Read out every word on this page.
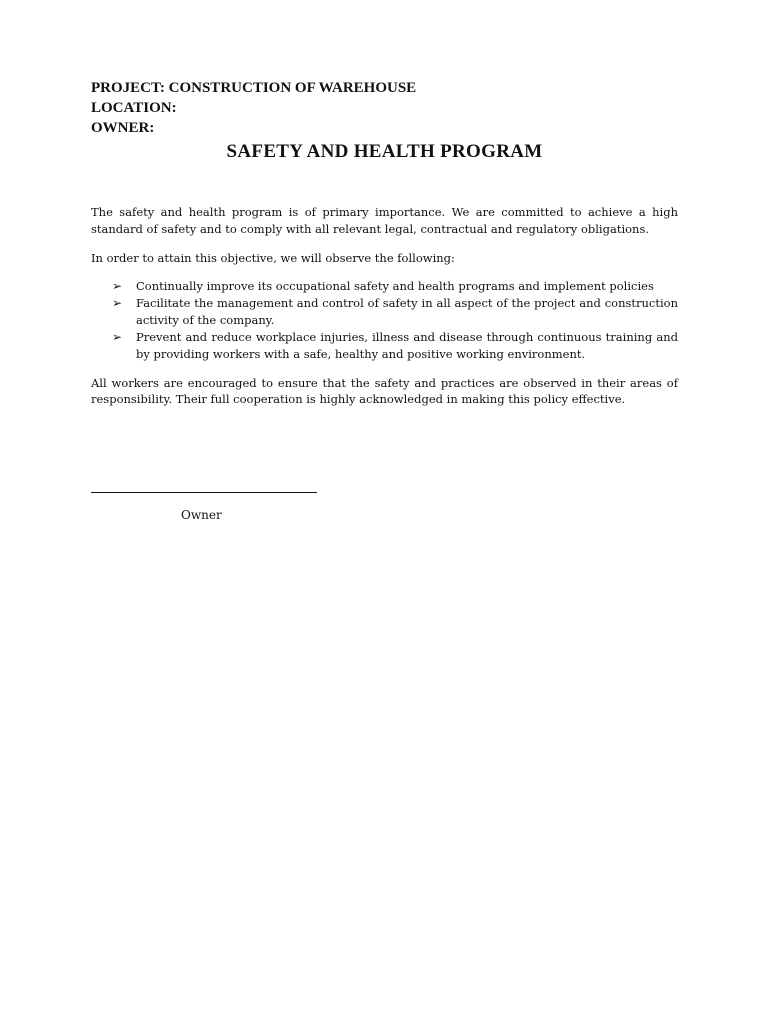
PROJECT: CONSTRUCTION OF WAREHOUSE

LOCATION:

OWNER:

SAFETY AND HEALTH PROGRAM

The safety and health program is of primary importance. We are committed to achieve a high standard of safety and to comply with all relevant legal, contractual and regulatory obligations.

In order to attain this objective, we will observe the following:

➢ Continually improve its occupational safety and health programs and implement policies
➢ Facilitate the management and control of safety in all aspect of the project and construction activity of the company.
➢ Prevent and reduce workplace injuries, illness and disease through continuous training and by providing workers with a safe, healthy and positive working environment.

All workers are encouraged to ensure that the safety and practices are observed in their areas of responsibility. Their full cooperation is highly acknowledged in making this policy effective.

Owner
